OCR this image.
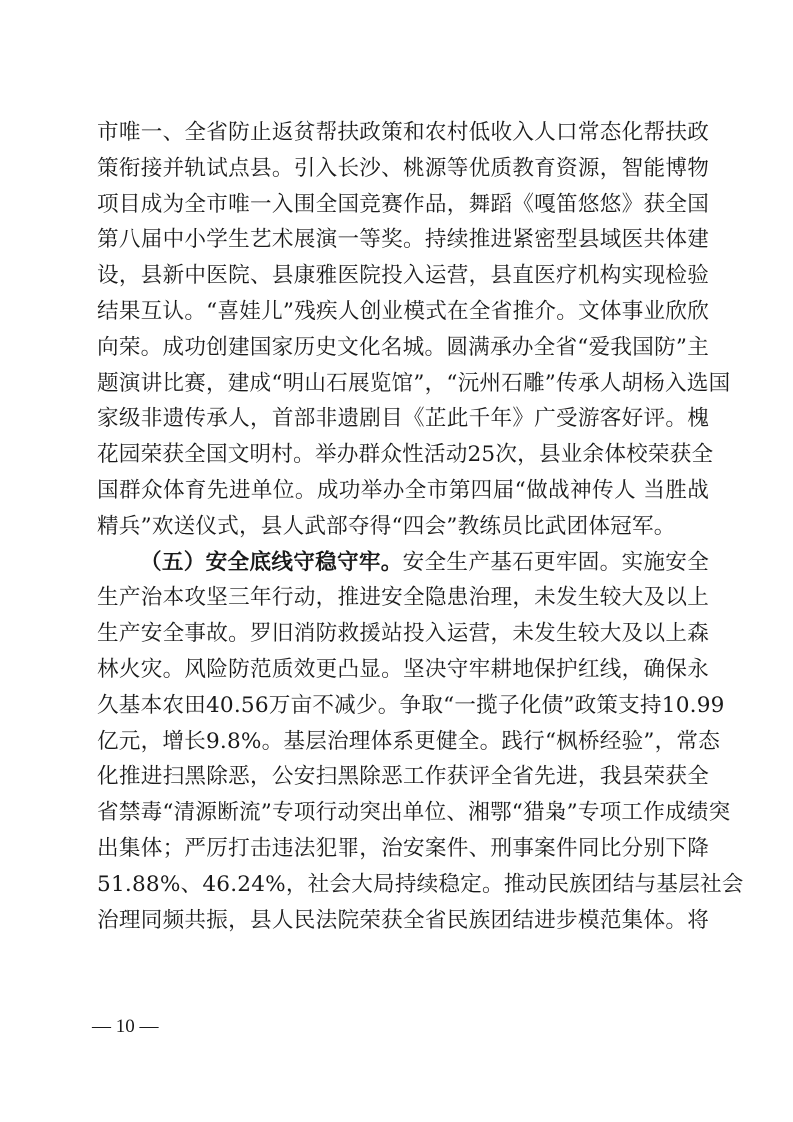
市唯一、全省防止返贫帮扶政策和农村低收入人口常态化帮扶政
策衔接并轨试点县。引入长沙、桃源等优质教育资源，智能博物
项目成为全市唯一入围全国竞赛作品，舞蹈《嘎笛悠悠》获全国
第八届中小学生艺术展演一等奖。持续推进紧密型县域医共体建
设，县新中医院、县康雅医院投入运营，县直医疗机构实现检验
结果互认。“喜娃儿”残疾人创业模式在全省推介。文体事业欣欣
向荣。成功创建国家历史文化名城。圆满承办全省“爱我国防”主
题演讲比赛，建成“明山石展览馆”，“沅州石雕”传承人胡杨入选国
家级非遗传承人，首部非遗剧目《芷此千年》广受游客好评。槐
花园荣获全国文明村。举办群众性活动25次，县业余体校荣获全
国群众体育先进单位。成功举办全市第四届“做战神传人 当胜战
精兵”欢送仪式，县人武部夺得“四会”教练员比武团体冠军。
（五）安全底线守稳守牢。安全生产基石更牢固。实施安全
生产治本攻坚三年行动，推进安全隐患治理，未发生较大及以上
生产安全事故。罗旧消防救援站投入运营，未发生较大及以上森
林火灾。风险防范质效更凸显。坚决守牢耕地保护红线，确保永
久基本农田40.56万亩不减少。争取“一揽子化债”政策支持10.99
亿元，增长9.8%。基层治理体系更健全。践行“枫桥经验”，常态
化推进扫黑除恶，公安扫黑除恶工作获评全省先进，我县荣获全
省禁毒“清源断流”专项行动突出单位、湘鄂“猎枭”专项工作成绩突
出集体；严厉打击违法犯罪，治安案件、刑事案件同比分别下降
51.88%、46.24%，社会大局持续稳定。推动民族团结与基层社会
治理同频共振，县人民法院荣获全省民族团结进步模范集体。将
— 10 —
